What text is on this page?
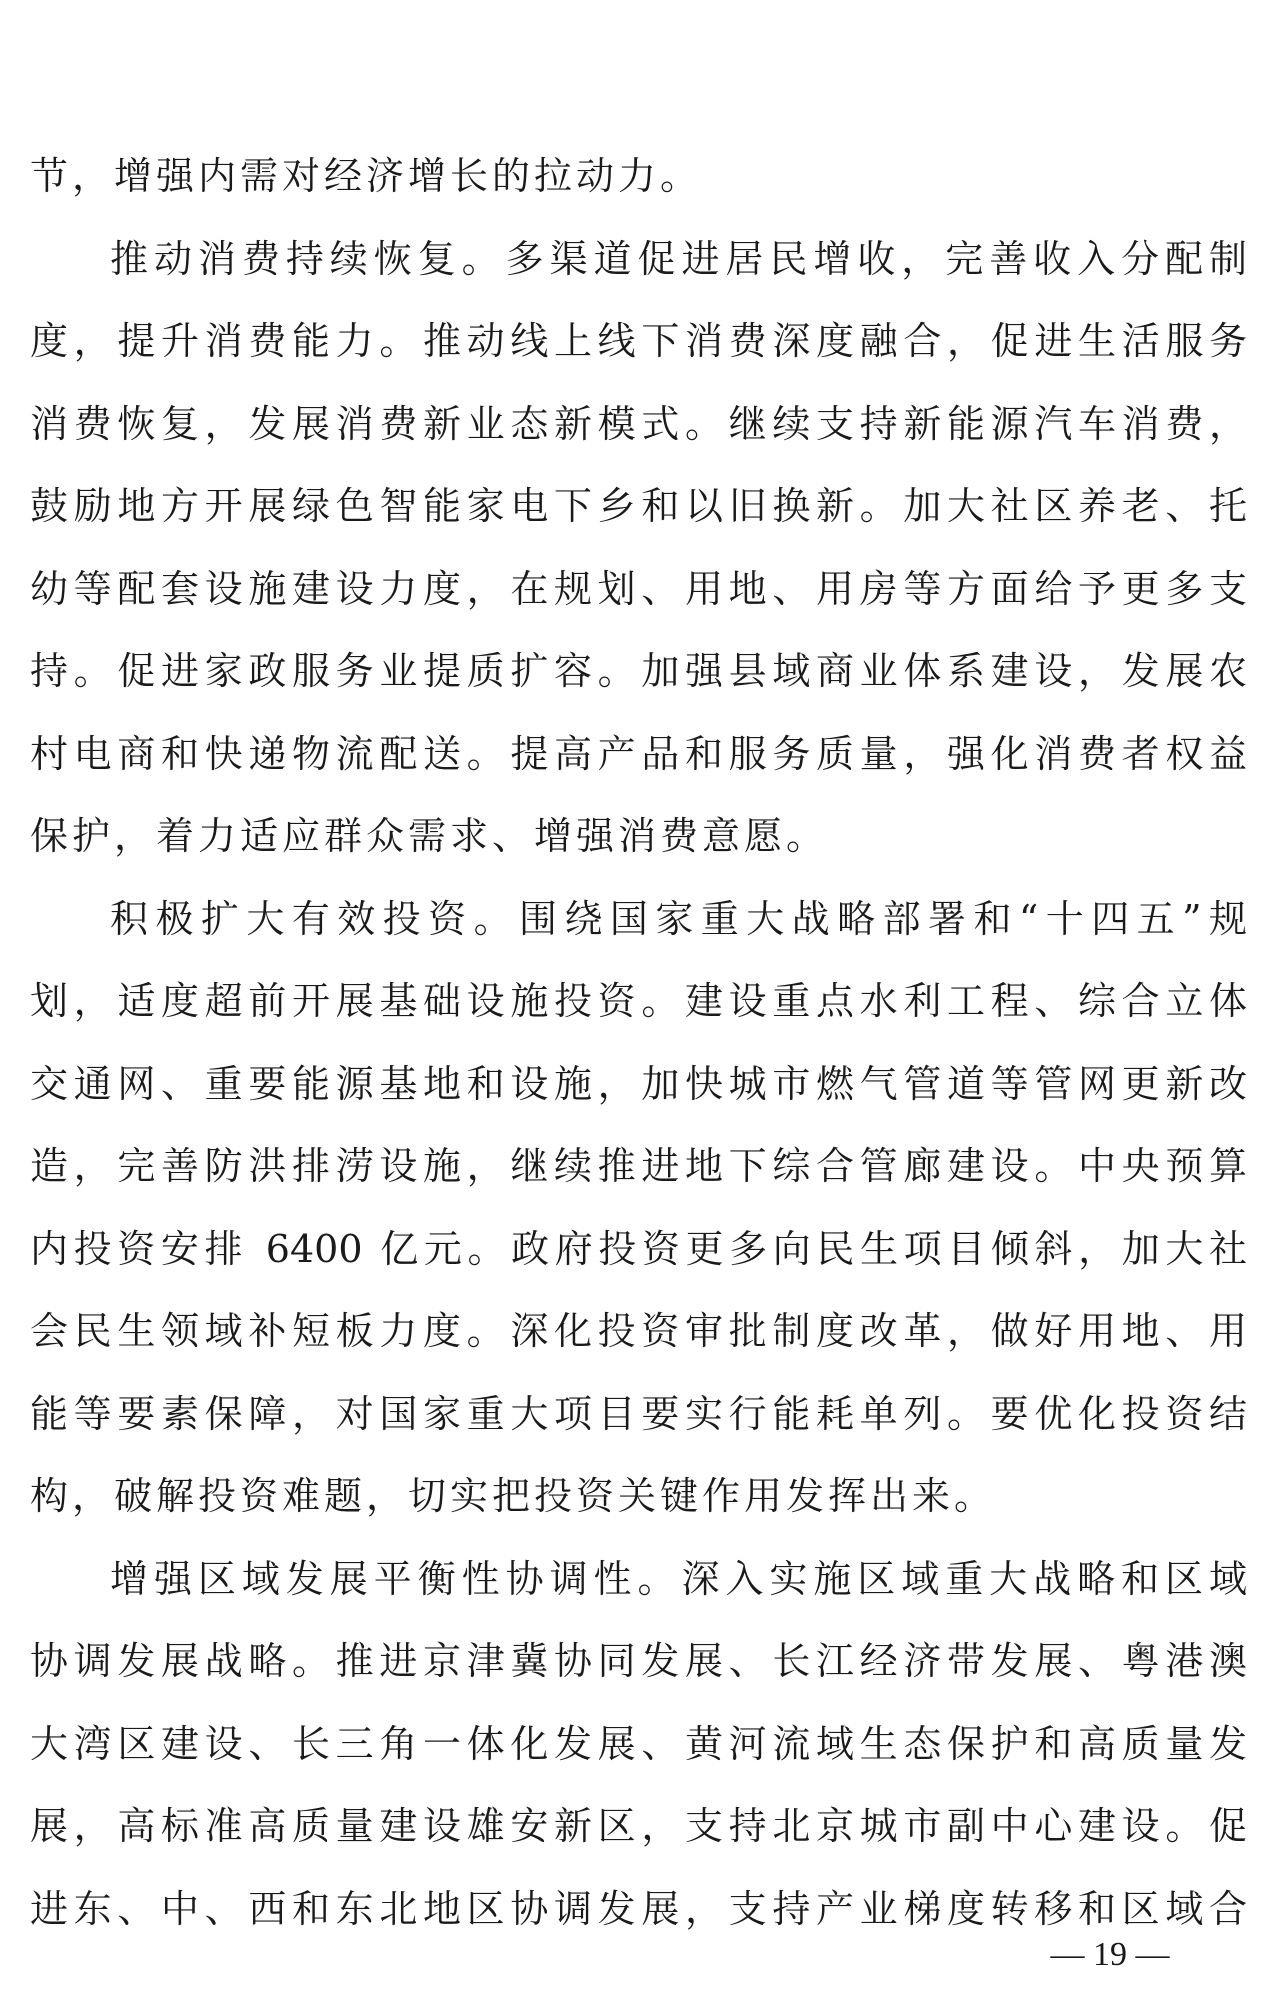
节，增强内需对经济增长的拉动力。
推动消费持续恢复。多渠道促进居民增收，完善收入分配制
度，提升消费能力。推动线上线下消费深度融合，促进生活服务
消费恢复，发展消费新业态新模式。继续支持新能源汽车消费，
鼓励地方开展绿色智能家电下乡和以旧换新。加大社区养老、托
幼等配套设施建设力度，在规划、用地、用房等方面给予更多支
持。促进家政服务业提质扩容。加强县域商业体系建设，发展农
村电商和快递物流配送。提高产品和服务质量，强化消费者权益
保护，着力适应群众需求、增强消费意愿。
积极扩大有效投资。围绕国家重大战略部署和“十四五”规
划，适度超前开展基础设施投资。建设重点水利工程、综合立体
交通网、重要能源基地和设施，加快城市燃气管道等管网更新改
造，完善防洪排涝设施，继续推进地下综合管廊建设。中央预算
内投资安排 6400 亿元。政府投资更多向民生项目倾斜，加大社
会民生领域补短板力度。深化投资审批制度改革，做好用地、用
能等要素保障，对国家重大项目要实行能耗单列。要优化投资结
构，破解投资难题，切实把投资关键作用发挥出来。
增强区域发展平衡性协调性。深入实施区域重大战略和区域
协调发展战略。推进京津冀协同发展、长江经济带发展、粤港澳
大湾区建设、长三角一体化发展、黄河流域生态保护和高质量发
展，高标准高质量建设雄安新区，支持北京城市副中心建设。促
进东、中、西和东北地区协调发展，支持产业梯度转移和区域合
— 19 —
